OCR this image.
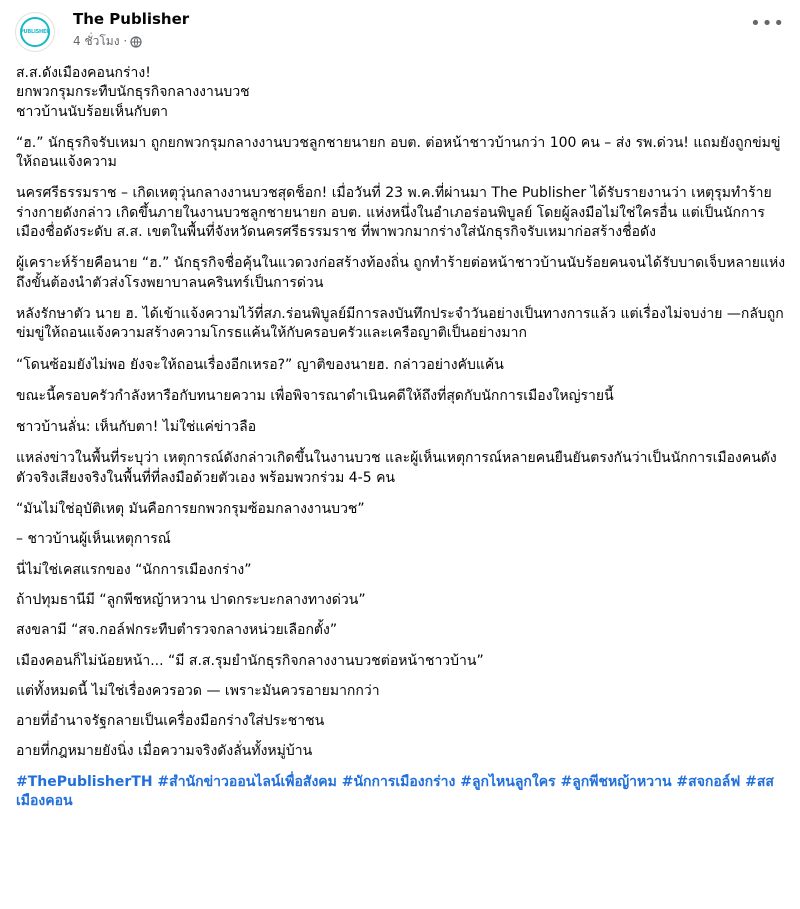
PUBLISHER
The Publisher
4 ชั่วโมง ·
•••

ส.ส.ดังเมืองคอนกร่าง!
ยกพวกรุมกระทืบนักธุรกิจกลางงานบวช
ชาวบ้านนับร้อยเห็นกับตา

“ฮ.” นักธุรกิจรับเหมา ถูกยกพวกรุมกลางงานบวชลูกชายนายก อบต. ต่อหน้าชาวบ้านกว่า 100 คน – ส่ง รพ.ด่วน! แถมยังถูกข่มขู่ให้ถอนแจ้งความ

นครศรีธรรมราช – เกิดเหตุวุ่นกลางงานบวชสุดช็อก! เมื่อวันที่ 23 พ.ค.ที่ผ่านมา The Publisher ได้รับรายงานว่า เหตุรุมทำร้ายร่างกายดังกล่าว เกิดขึ้นภายในงานบวชลูกชายนายก อบต. แห่งหนึ่งในอำเภอร่อนพิบูลย์ โดยผู้ลงมือไม่ใช่ใครอื่น แต่เป็นนักการเมืองชื่อดังระดับ ส.ส. เขตในพื้นที่จังหวัดนครศรีธรรมราช ที่พาพวกมากร่างใส่นักธุรกิจรับเหมาก่อสร้างชื่อดัง

ผู้เคราะห์ร้ายคือนาย “ฮ.” นักธุรกิจชื่อคุ้นในแวดวงก่อสร้างท้องถิ่น ถูกทำร้ายต่อหน้าชาวบ้านนับร้อยคนจนได้รับบาดเจ็บหลายแห่ง ถึงขั้นต้องนำตัวส่งโรงพยาบาลนครินทร์เป็นการด่วน

หลังรักษาตัว นาย ฮ. ได้เข้าแจ้งความไว้ที่สภ.ร่อนพิบูลย์มีการลงบันทึกประจำวันอย่างเป็นทางการแล้ว แต่เรื่องไม่จบง่าย —กลับถูกข่มขู่ให้ถอนแจ้งความสร้างความโกรธแค้นให้กับครอบครัวและเครือญาติเป็นอย่างมาก

“โดนซ้อมยังไม่พอ ยังจะให้ถอนเรื่องอีกเหรอ?” ญาติของนายฮ. กล่าวอย่างคับแค้น

ขณะนี้ครอบครัวกำลังหารือกับทนายความ เพื่อพิจารณาดำเนินคดีให้ถึงที่สุดกับนักการเมืองใหญ่รายนี้

ชาวบ้านลั่น: เห็นกับตา! ไม่ใช่แค่ข่าวลือ

แหล่งข่าวในพื้นที่ระบุว่า เหตุการณ์ดังกล่าวเกิดขึ้นในงานบวช และผู้เห็นเหตุการณ์หลายคนยืนยันตรงกันว่าเป็นนักการเมืองคนดังตัวจริงเสียงจริงในพื้นที่ที่ลงมือด้วยตัวเอง พร้อมพวกร่วม 4-5 คน

“มันไม่ใช่อุบัติเหตุ มันคือการยกพวกรุมซ้อมกลางงานบวช”

– ชาวบ้านผู้เห็นเหตุการณ์

นี่ไม่ใช่เคสแรกของ “นักการเมืองกร่าง”

ถ้าปทุมธานีมี “ลูกพีชหญ้าหวาน ปาดกระบะกลางทางด่วน”

สงขลามี “สจ.กอล์ฟกระทืบตำรวจกลางหน่วยเลือกตั้ง”

เมืองคอนก็ไม่น้อยหน้า... “มี ส.ส.รุมยำนักธุรกิจกลางงานบวชต่อหน้าชาวบ้าน”

แต่ทั้งหมดนี้ ไม่ใช่เรื่องควรอวด — เพราะมันควรอายมากกว่า

อายที่อำนาจรัฐกลายเป็นเครื่องมือกร่างใส่ประชาชน

อายที่กฎหมายยังนิ่ง เมื่อความจริงดังลั่นทั้งหมู่บ้าน

#ThePublisherTH #สำนักข่าวออนไลน์เพื่อสังคม #นักการเมืองกร่าง #ลูกไหนลูกใคร #ลูกพีชหญ้าหวาน #สจกอล์ฟ #สสเมืองคอน
